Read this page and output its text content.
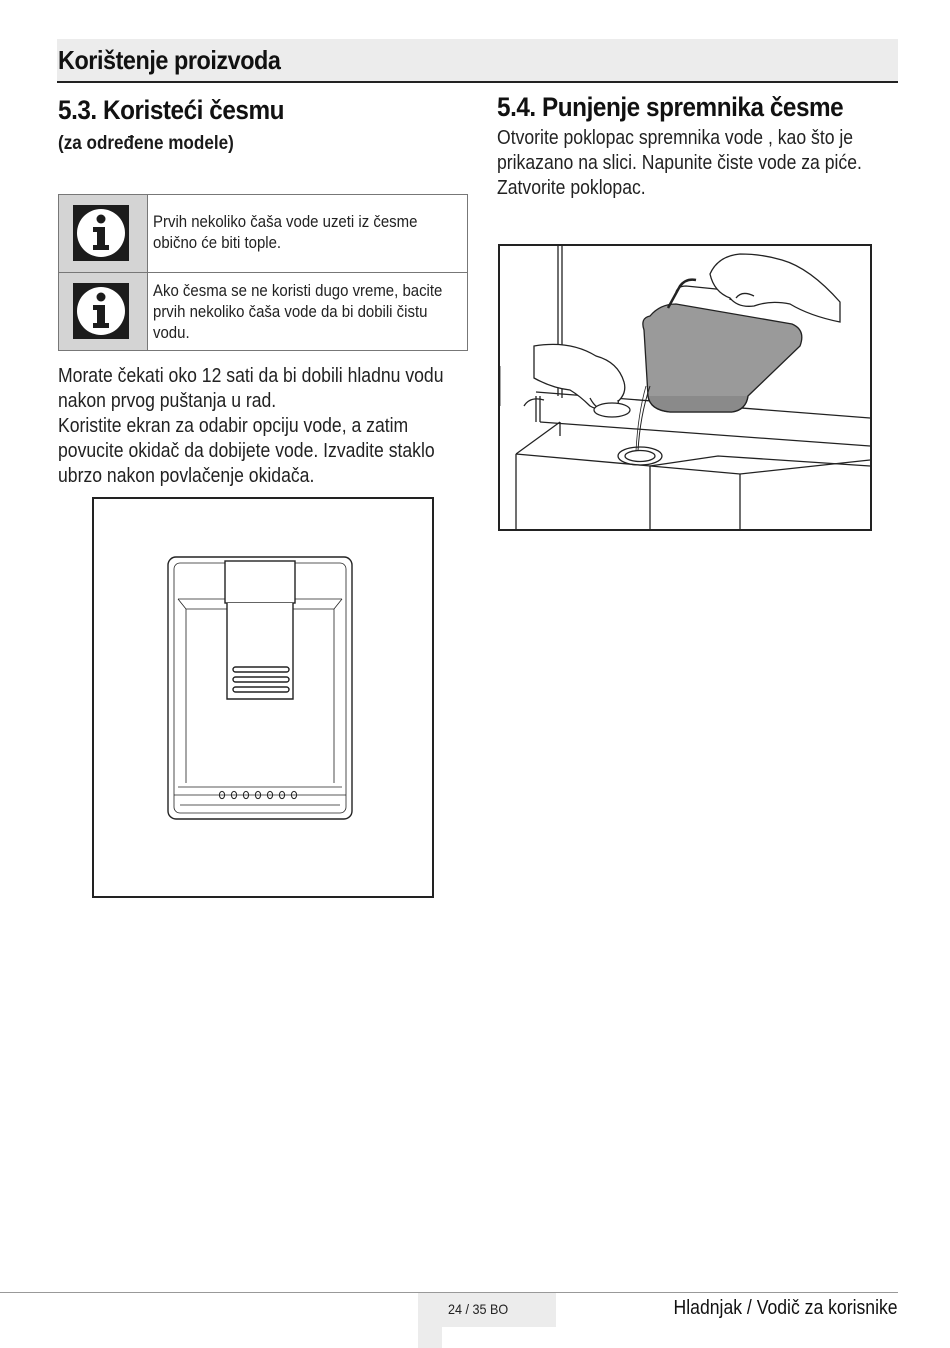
Korištenje proizvoda
5.3. Koristeći česmu
(za određene modele)
Prvih nekoliko čaša vode uzeti iz česme obično će biti tople.
Ako česma se ne koristi dugo vreme, bacite prvih nekoliko čaša vode da bi dobili čistu vodu.
Morate čekati oko 12 sati da bi dobili hladnu vodu nakon prvog puštanja u rad.
Koristite ekran za odabir opciju vode, a zatim povucite okidač da dobijete vode. Izvadite staklo ubrzo nakon povlačenje okidača.
5.4. Punjenje spremnika česme
Otvorite poklopac spremnika vode , kao što je prikazano na slici. Napunite čiste vode za piće. Zatvorite poklopac.
24 / 35 BO	Hladnjak / Vodič za korisnike
